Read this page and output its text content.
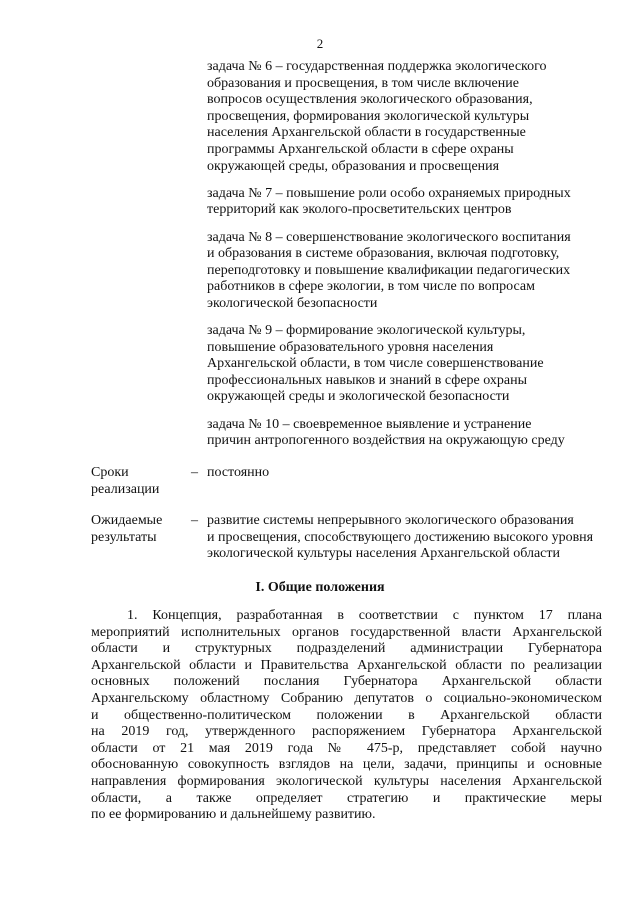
2
задача № 6 – государственная поддержка экологического
образования и просвещения, в том числе включение
вопросов осуществления экологического образования,
просвещения, формирования экологической культуры
населения Архангельской области в государственные
программы Архангельской области в сфере охраны
окружающей среды, образования и просвещения
задача № 7 – повышение роли особо охраняемых природных
территорий как эколого-просветительских центров
задача № 8 – совершенствование экологического воспитания
и образования в системе образования, включая подготовку,
переподготовку и повышение квалификации педагогических
работников в сфере экологии, в том числе по вопросам
экологической безопасности
задача № 9 – формирование экологической культуры,
повышение образовательного уровня населения
Архангельской области, в том числе совершенствование
профессиональных навыков и знаний в сфере охраны
окружающей среды и экологической безопасности
задача № 10 – своевременное выявление и устранение
причин антропогенного воздействия на окружающую среду
Сроки
реализации
– постоянно
Ожидаемые
результаты
– развитие системы непрерывного экологического образования
и просвещения, способствующего достижению высокого уровня
экологической культуры населения Архангельской области
I. Общие положения
1. Концепция, разработанная в соответствии с пунктом 17 плана
мероприятий исполнительных органов государственной власти Архангельской
области и структурных подразделений администрации Губернатора
Архангельской области и Правительства Архангельской области по реализации
основных положений послания Губернатора Архангельской области
Архангельскому областному Собранию депутатов о социально-экономическом
и общественно-политическом положении в Архангельской области
на 2019 год, утвержденного распоряжением Губернатора Архангельской
области от 21 мая 2019 года № 475-р, представляет собой научно
обоснованную совокупность взглядов на цели, задачи, принципы и основные
направления формирования экологической культуры населения Архангельской
области, а также определяет стратегию и практические меры
по ее формированию и дальнейшему развитию.
